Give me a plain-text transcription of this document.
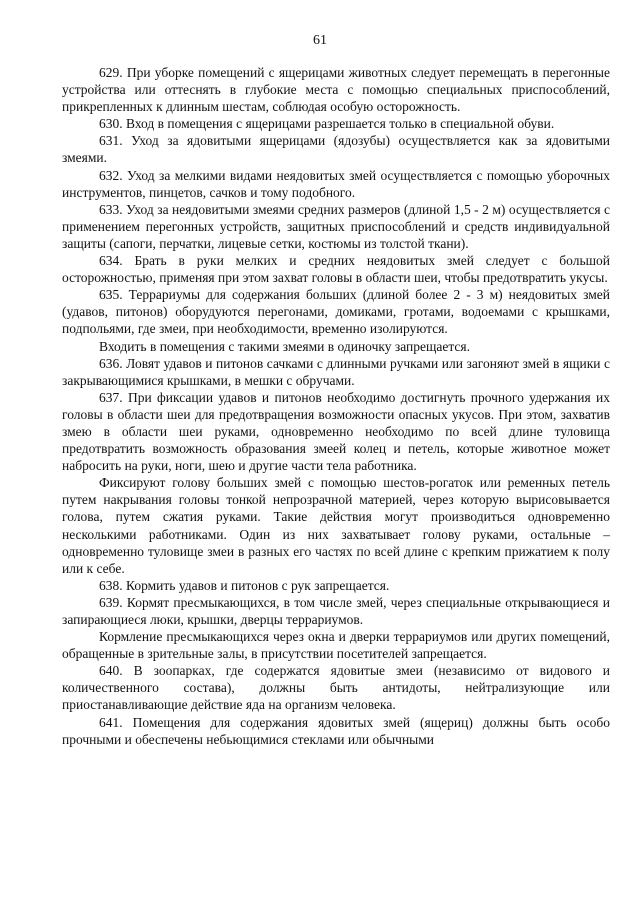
61

629. При уборке помещений с ящерицами животных следует перемещать в перегонные устройства или оттеснять в глубокие места с помощью специальных приспособлений, прикрепленных к длинным шестам, соблюдая особую осторожность.

630. Вход в помещения с ящерицами разрешается только в специальной обуви.

631. Уход за ядовитыми ящерицами (ядозубы) осуществляется как за ядовитыми змеями.

632. Уход за мелкими видами неядовитых змей осуществляется с помощью уборочных инструментов, пинцетов, сачков и тому подобного.

633. Уход за неядовитыми змеями средних размеров (длиной 1,5 - 2 м) осуществляется с применением перегонных устройств, защитных приспособлений и средств индивидуальной защиты (сапоги, перчатки, лицевые сетки, костюмы из толстой ткани).

634. Брать в руки мелких и средних неядовитых змей следует с большой осторожностью, применяя при этом захват головы в области шеи, чтобы предотвратить укусы.

635. Террариумы для содержания больших (длиной более 2 - 3 м) неядовитых змей (удавов, питонов) оборудуются перегонами, домиками, гротами, водоемами с крышками, подпольями, где змеи, при необходимости, временно изолируются.

Входить в помещения с такими змеями в одиночку запрещается.

636. Ловят удавов и питонов сачками с длинными ручками или загоняют змей в ящики с закрывающимися крышками, в мешки с обручами.

637. При фиксации удавов и питонов необходимо достигнуть прочного удержания их головы в области шеи для предотвращения возможности опасных укусов. При этом, захватив змею в области шеи руками, одновременно необходимо по всей длине туловища предотвратить возможность образования змеей колец и петель, которые животное может набросить на руки, ноги, шею и другие части тела работника.

Фиксируют голову больших змей с помощью шестов-рогаток или ременных петель путем накрывания головы тонкой непрозрачной материей, через которую вырисовывается голова, путем сжатия руками. Такие действия могут производиться одновременно несколькими работниками. Один из них захватывает голову руками, остальные – одновременно туловище змеи в разных его частях по всей длине с крепким прижатием к полу или к себе.

638. Кормить удавов и питонов с рук запрещается.

639. Кормят пресмыкающихся, в том числе змей, через специальные открывающиеся и запирающиеся люки, крышки, дверцы террариумов.

Кормление пресмыкающихся через окна и дверки террариумов или других помещений, обращенные в зрительные залы, в присутствии посетителей запрещается.

640. В зоопарках, где содержатся ядовитые змеи (независимо от видового и количественного состава), должны быть антидоты, нейтрализующие или приостанавливающие действие яда на организм человека.

641. Помещения для содержания ядовитых змей (ящериц) должны быть особо прочными и обеспечены небьющимися стеклами или обычными
